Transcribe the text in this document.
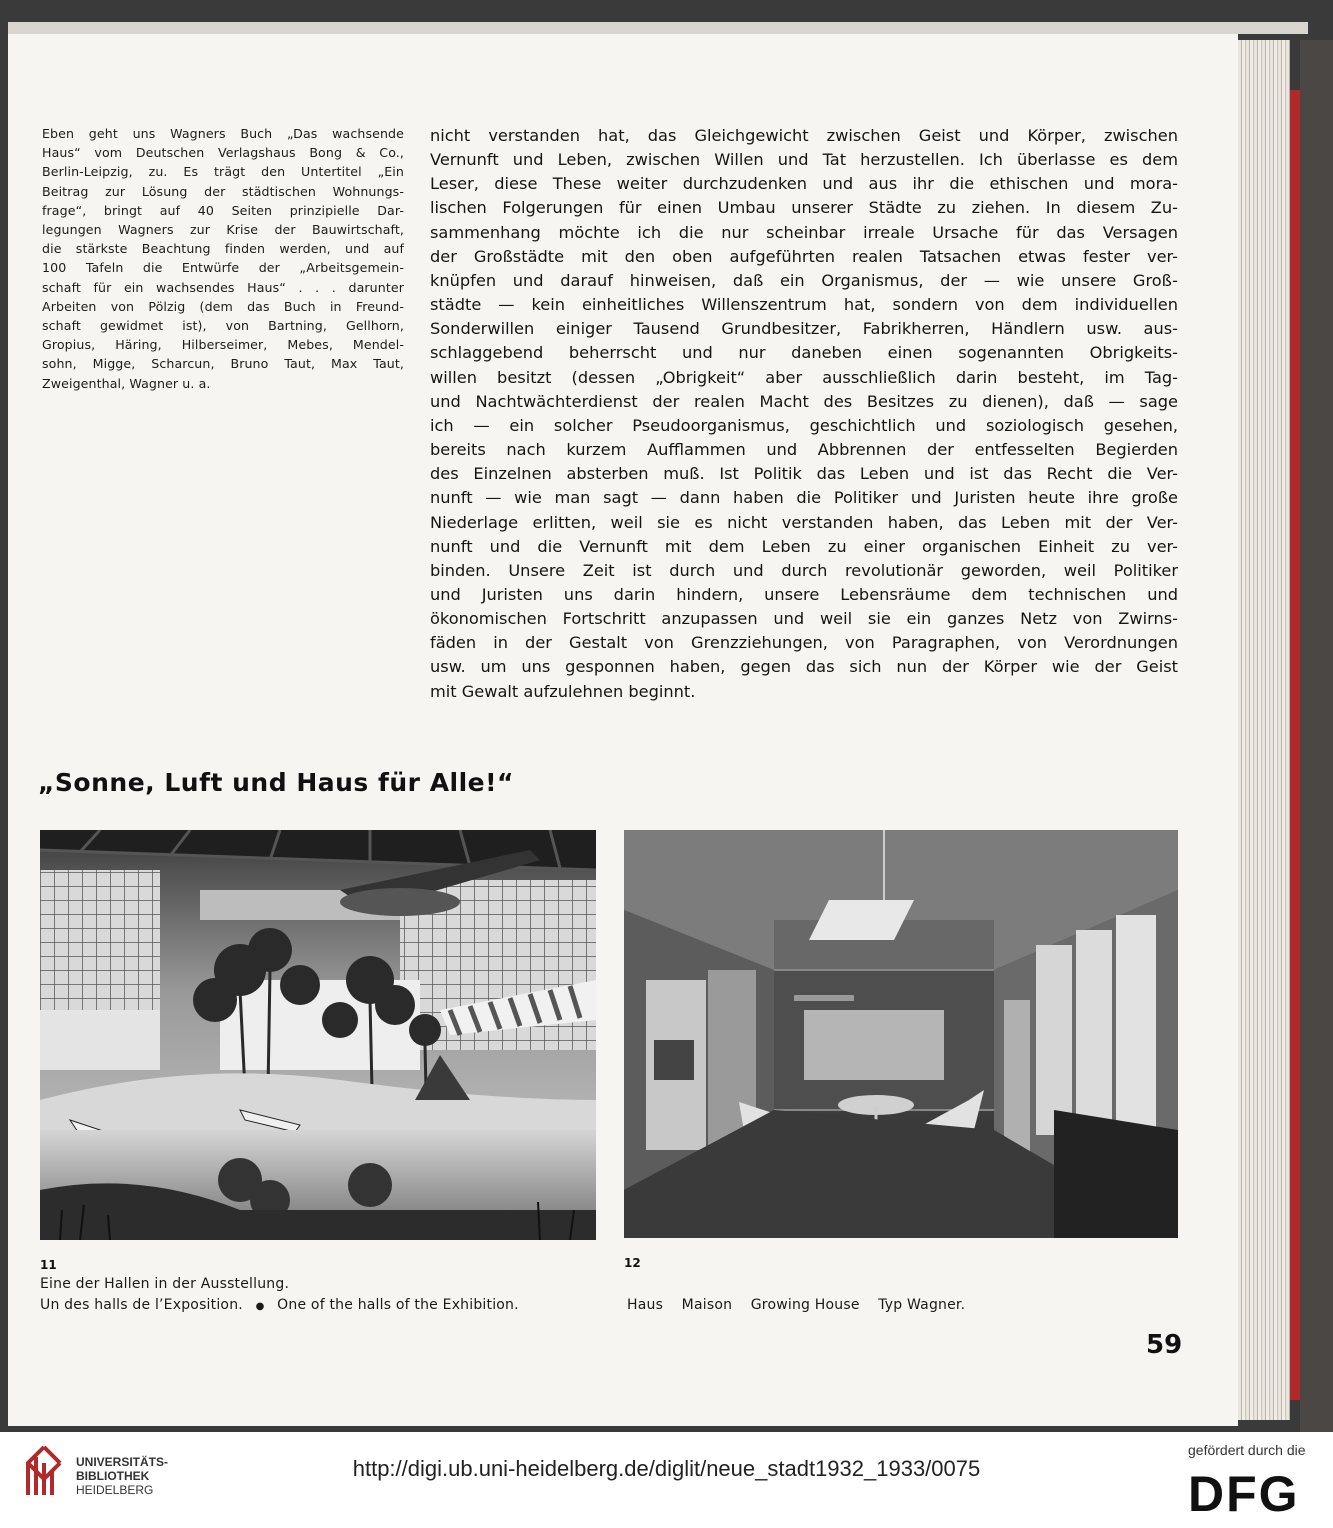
Eben geht uns Wagners Buch „Das wachsende
Haus“ vom Deutschen Verlagshaus Bong & Co.,
Berlin-Leipzig, zu. Es trägt den Untertitel „Ein
Beitrag zur Lösung der städtischen Wohnungs-
frage“, bringt auf 40 Seiten prinzipielle Dar-
legungen Wagners zur Krise der Bauwirtschaft,
die stärkste Beachtung finden werden, und auf
100 Tafeln die Entwürfe der „Arbeitsgemein-
schaft für ein wachsendes Haus“ . . . darunter
Arbeiten von Pölzig (dem das Buch in Freund-
schaft gewidmet ist), von Bartning, Gellhorn,
Gropius, Häring, Hilberseimer, Mebes, Mendel-
sohn, Migge, Scharcun, Bruno Taut, Max Taut,
Zweigenthal, Wagner u. a.
nicht verstanden hat, das Gleichgewicht zwischen Geist und Körper, zwischen
Vernunft und Leben, zwischen Willen und Tat herzustellen. Ich überlasse es dem
Leser, diese These weiter durchzudenken und aus ihr die ethischen und mora-
lischen Folgerungen für einen Umbau unserer Städte zu ziehen. In diesem Zu-
sammenhang möchte ich die nur scheinbar irreale Ursache für das Versagen
der Großstädte mit den oben aufgeführten realen Tatsachen etwas fester ver-
knüpfen und darauf hinweisen, daß ein Organismus, der — wie unsere Groß-
städte — kein einheitliches Willenszentrum hat, sondern von dem individuellen
Sonderwillen einiger Tausend Grundbesitzer, Fabrikherren, Händlern usw. aus-
schlaggebend beherrscht und nur daneben einen sogenannten Obrigkeits-
willen besitzt (dessen „Obrigkeit“ aber ausschließlich darin besteht, im Tag-
und Nachtwächterdienst der realen Macht des Besitzes zu dienen), daß — sage
ich — ein solcher Pseudoorganismus, geschichtlich und soziologisch gesehen,
bereits nach kurzem Aufflammen und Abbrennen der entfesselten Begierden
des Einzelnen absterben muß. Ist Politik das Leben und ist das Recht die Ver-
nunft — wie man sagt — dann haben die Politiker und Juristen heute ihre große
Niederlage erlitten, weil sie es nicht verstanden haben, das Leben mit der Ver-
nunft und die Vernunft mit dem Leben zu einer organischen Einheit zu ver-
binden. Unsere Zeit ist durch und durch revolutionär geworden, weil Politiker
und Juristen uns darin hindern, unsere Lebensräume dem technischen und
ökonomischen Fortschritt anzupassen und weil sie ein ganzes Netz von Zwirns-
fäden in der Gestalt von Grenzziehungen, von Paragraphen, von Verordnungen
usw. um uns gesponnen haben, gegen das sich nun der Körper wie der Geist
mit Gewalt aufzulehnen beginnt.
„Sonne, Luft und Haus für Alle!“
11
Eine der Hallen in der Ausstellung.
Un des halls de l’Exposition. ● One of the halls of the Exhibition.
12
Haus    Maison    Growing House    Typ Wagner.
59
UNIVERSITÄTS-
BIBLIOTHEK
HEIDELBERG
http://digi.ub.uni-heidelberg.de/diglit/neue_stadt1932_1933/0075
gefördert durch die
DFG
